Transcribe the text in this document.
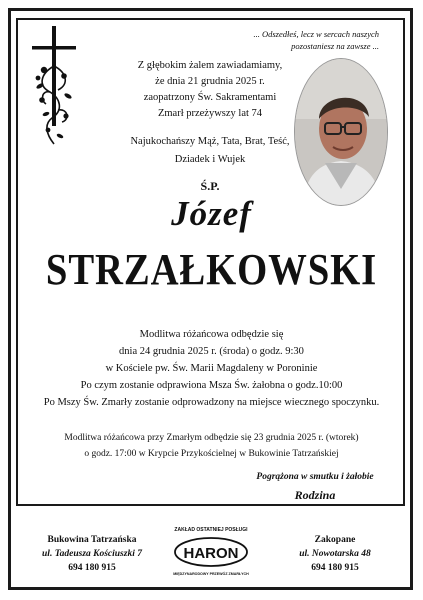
... Odszedłeś, lecz w sercach naszych
pozostaniesz na zawsze ...
Z głębokim żalem zawiadamiamy,
że dnia 21 grudnia 2025 r.
zaopatrzony Św. Sakramentami
Zmarł przeżywszy lat 74
Najukochańszy Mąż, Tata, Brat, Teść,
Dziadek i Wujek
Ś.P.
Józef
STRZAŁKOWSKI
Modlitwa różańcowa odbędzie się
dnia 24 grudnia 2025 r. (środa) o godz. 9:30
w Kościele pw. Św. Marii Magdaleny w Poroninie
Po czym zostanie odprawiona Msza Św. żałobna o godz.10:00
Po Mszy Św. Zmarły zostanie odprowadzony na miejsce wiecznego spoczynku.
Modlitwa różańcowa przy Zmarłym odbędzie się 23 grudnia 2025 r. (wtorek)
o godz. 17:00 w Krypcie Przykościelnej w Bukowinie Tatrzańskiej
Pogrążona w smutku i żałobie
Rodzina
Bukowina Tatrzańska
ul. Tadeusza Kościuszki 7
694 180 915
ZAKŁAD OSTATNIEJ POSŁUGI
HARON
MIĘDZYNARODOWY PRZEWÓZ ZMARŁYCH
Zakopane
ul. Nowotarska 48
694 180 915
